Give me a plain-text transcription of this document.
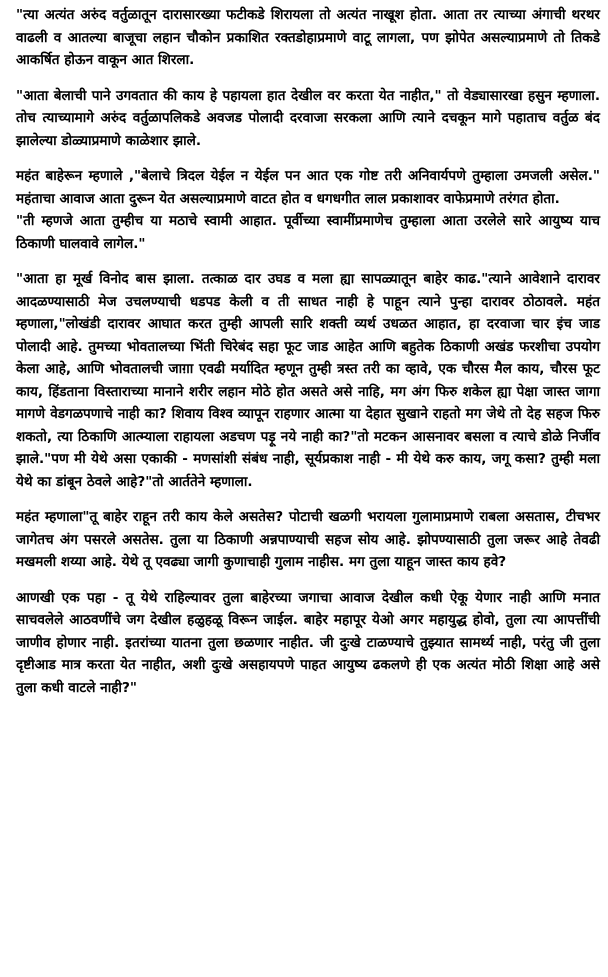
"त्या अत्यंत अरुंद वर्तुळातून दारासारख्या फटीकडे शिरायला तो अत्यंत नाखूश होता. आता तर त्याच्या अंगाची थरथर वाढली व आतल्या बाजूचा लहान चौकोन प्रकाशित रक्तडोहाप्रमाणे वाटू लागला, पण झोपेत असल्याप्रमाणे तो तिकडे आकर्षित होऊन वाकून आत शिरला.

"आता बेलाची पाने उगवतात की काय हे पहायला हात देखील वर करता येत नाहीत," तो वेड्यासारखा हसुन म्हणाला. तोच त्याच्यामागे अरुंद वर्तुळापलिकडे अवजड पोलादी दरवाजा सरकला आणि त्याने दचकून मागे पहाताच वर्तुळ बंद झालेल्या डोळ्याप्रमाणे काळेशार झाले.

महंत बाहेरून म्हणाले ,"बेलाचे त्रिदल येईल न येईल पन आत एक गोष्ट तरी अनिवार्यपणे तुम्हाला उमजली असेल." महंताचा आवाज आता दुरून येत असल्याप्रमाणे वाटत होत व धगधगीत लाल प्रकाशावर वाफेप्रमाणे तरंगत होता.

"ती म्हणजे आता तुम्हीच या मठाचे स्वामी आहात. पूर्वीच्या स्वामींप्रमाणेच तुम्हाला आता उरलेले सारे आयुष्य याच ठिकाणी घालवावे लागेल."

"आता हा मूर्ख विनोद बास झाला. तत्काळ दार उघड व मला ह्या सापळ्यातून बाहेर काढ."त्याने आवेशाने दारावर आदळण्यासाठी मेज उचलण्याची धडपड केली व ती साधत नाही हे पाहून त्याने पुन्हा दारावर ठोठावले. महंत म्हणाला,"लोखंडी दारावर आघात करत तुम्ही आपली सारि शक्ती व्यर्थ उधळत आहात, हा दरवाजा चार इंच जाड पोलादी आहे. तुमच्या भोवतालच्या भिंती चिरेबंद सहा फूट जाड आहेत आणि बहुतेक ठिकाणी अखंड फरशीचा उपयोग केला आहे, आणि भोवतालची जाग़ा एवढी मर्यादित म्हणून तुम्ही त्रस्त तरी का व्हावे, एक चौरस मैल काय, चौरस फूट काय, हिंडताना विस्ताराच्या मानाने शरीर लहान मोठे होत असते असे नाहि, मग अंग फिरु शकेल ह्या पेक्षा जास्त जागा मागणे वेडगळपणाचे नाही का? शिवाय विश्व व्यापून राहणार आत्मा या देहात सुखाने राहतो मग जेथे तो देह सहज फिरु शकतो, त्या ठिकाणि आत्म्याला राहायला अडचण पड़ू नये नाही का?"तो मटकन आसनावर बसला व त्याचे डोळे निर्जीव झाले."पण मी येथे असा एकाकी - मणसांशी संबंध नाही, सूर्यप्रकाश नाही - मी येथे करु काय, जगू कसा? तुम्ही मला येथे का डांबून ठेवले आहे?"तो आर्ततेने म्हणाला.

महंत म्हणाला"तू बाहेर राहून तरी काय केले असतेस? पोटाची खळगी भरायला गुलामाप्रमाणे राबला असतास, टीचभर जागेतच अंग पसरले असतेस. तुला या ठिकाणी अन्नपाण्याची सहज सोय आहे. झोपण्यासाठी तुला जरूर आहे तेवढी मखमली शय्या आहे. येथे तू एवढ्या जागी कुणाचाही गुलाम नाहीस. मग तुला याहून जास्त काय हवे?

आणखी एक पहा - तू येथे राहिल्यावर तुला बाहेरच्या जगाचा आवाज देखील कधी ऐकू येणार नाही आणि मनात साचवलेले आठवणींचे जग देखील हळुहळू विरून जाईल. बाहेर महापूर येओ अगर महायुद्ध होवो, तुला त्या आपत्तींची जाणीव होणार नाही. इतरांच्या यातना तुला छळणार नाहीत. जी दुःखे टाळण्याचे तुझ्यात सामर्थ्य नाही, परंतु जी तुला दृष्टीआड मात्र करता येत नाहीत, अशी दुःखे असहायपणे पाहत आयुष्य ढकलणे ही एक अत्यंत मोठी शिक्षा आहे असे तुला कधी वाटले नाही?"
